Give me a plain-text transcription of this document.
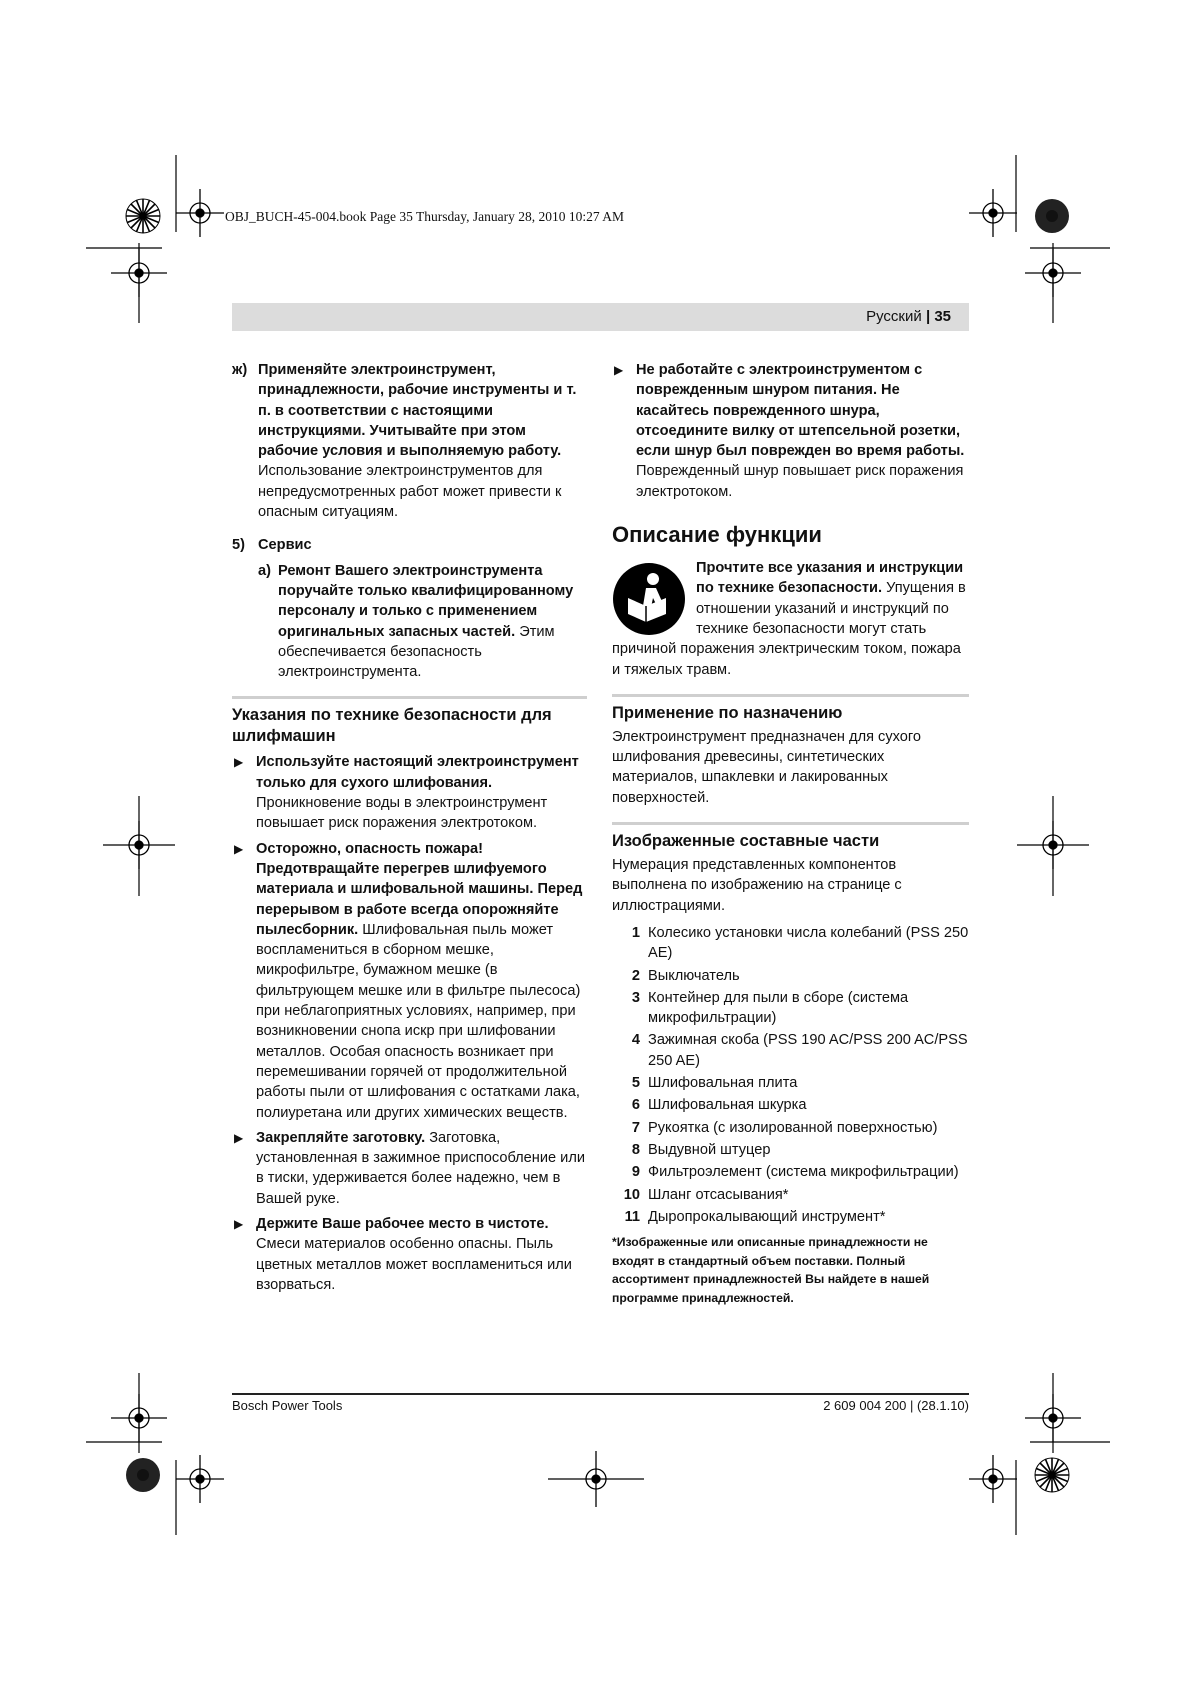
OBJ_BUCH-45-004.book Page 35 Thursday, January 28, 2010 10:27 AM
Русский | 35
ж) Применяйте электроинструмент, принадлежности, рабочие инструменты и т. п. в соответствии с настоящими инструкциями. Учитывайте при этом рабочие условия и выполняемую работу. Использование электроинструментов для непредусмотренных работ может привести к опасным ситуациям.

5) Сервис
а) Ремонт Вашего электроинструмента поручайте только квалифицированному персоналу и только с применением оригинальных запасных частей. Этим обеспечивается безопасность электроинструмента.

Указания по технике безопасности для шлифмашин
▶ Используйте настоящий электроинструмент только для сухого шлифования. Проникновение воды в электроинструмент повышает риск поражения электротоком.

▶ Осторожно, опасность пожара! Предотвращайте перегрев шлифуемого материала и шлифовальной машины. Перед перерывом в работе всегда опорожняйте пылесборник. Шлифовальная пыль может воспламениться в сборном мешке, микрофильтре, бумажном мешке (в фильтрующем мешке или в фильтре пылесоса) при неблагоприятных условиях, например, при возникновении снопа искр при шлифовании металлов. Особая опасность возникает при перемешивании горячей от продолжительной работы пыли от шлифования с остатками лака, полиуретана или других химических веществ.

▶ Закрепляйте заготовку. Заготовка, установленная в зажимное приспособление или в тиски, удерживается более надежно, чем в Вашей руке.

▶ Держите Ваше рабочее место в чистоте. Смеси материалов особенно опасны. Пыль цветных металлов может воспламениться или взорваться.

▶ Не работайте с электроинструментом с поврежденным шнуром питания. Не касайтесь поврежденного шнура, отсоедините вилку от штепсельной розетки, если шнур был поврежден во время работы. Поврежденный шнур повышает риск поражения электротоком.

Описание функции

Прочтите все указания и инструкции по технике безопасности. Упущения в отношении указаний и инструкций по технике безопасности могут стать причиной поражения электрическим током, пожара и тяжелых травм.

Применение по назначению

Электроинструмент предназначен для сухого шлифования древесины, синтетических материалов, шпаклевки и лакированных поверхностей.

Изображенные составные части

Нумерация представленных компонентов выполнена по изображению на странице с иллюстрациями.

1 Колесико установки числа колебаний (PSS 250 AE)
2 Выключатель
3 Контейнер для пыли в сборе (система микрофильтрации)
4 Зажимная скоба (PSS 190 AC/PSS 200 AC/PSS 250 AE)
5 Шлифовальная плита
6 Шлифовальная шкурка
7 Рукоятка (с изолированной поверхностью)
8 Выдувной штуцер
9 Фильтроэлемент (система микрофильтрации)
10 Шланг отсасывания*
11 Дыропрокалывающий инструмент*

*Изображенные или описанные принадлежности не входят в стандартный объем поставки. Полный ассортимент принадлежностей Вы найдете в нашей программе принадлежностей.

Bosch Power Tools	2 609 004 200 | (28.1.10)
